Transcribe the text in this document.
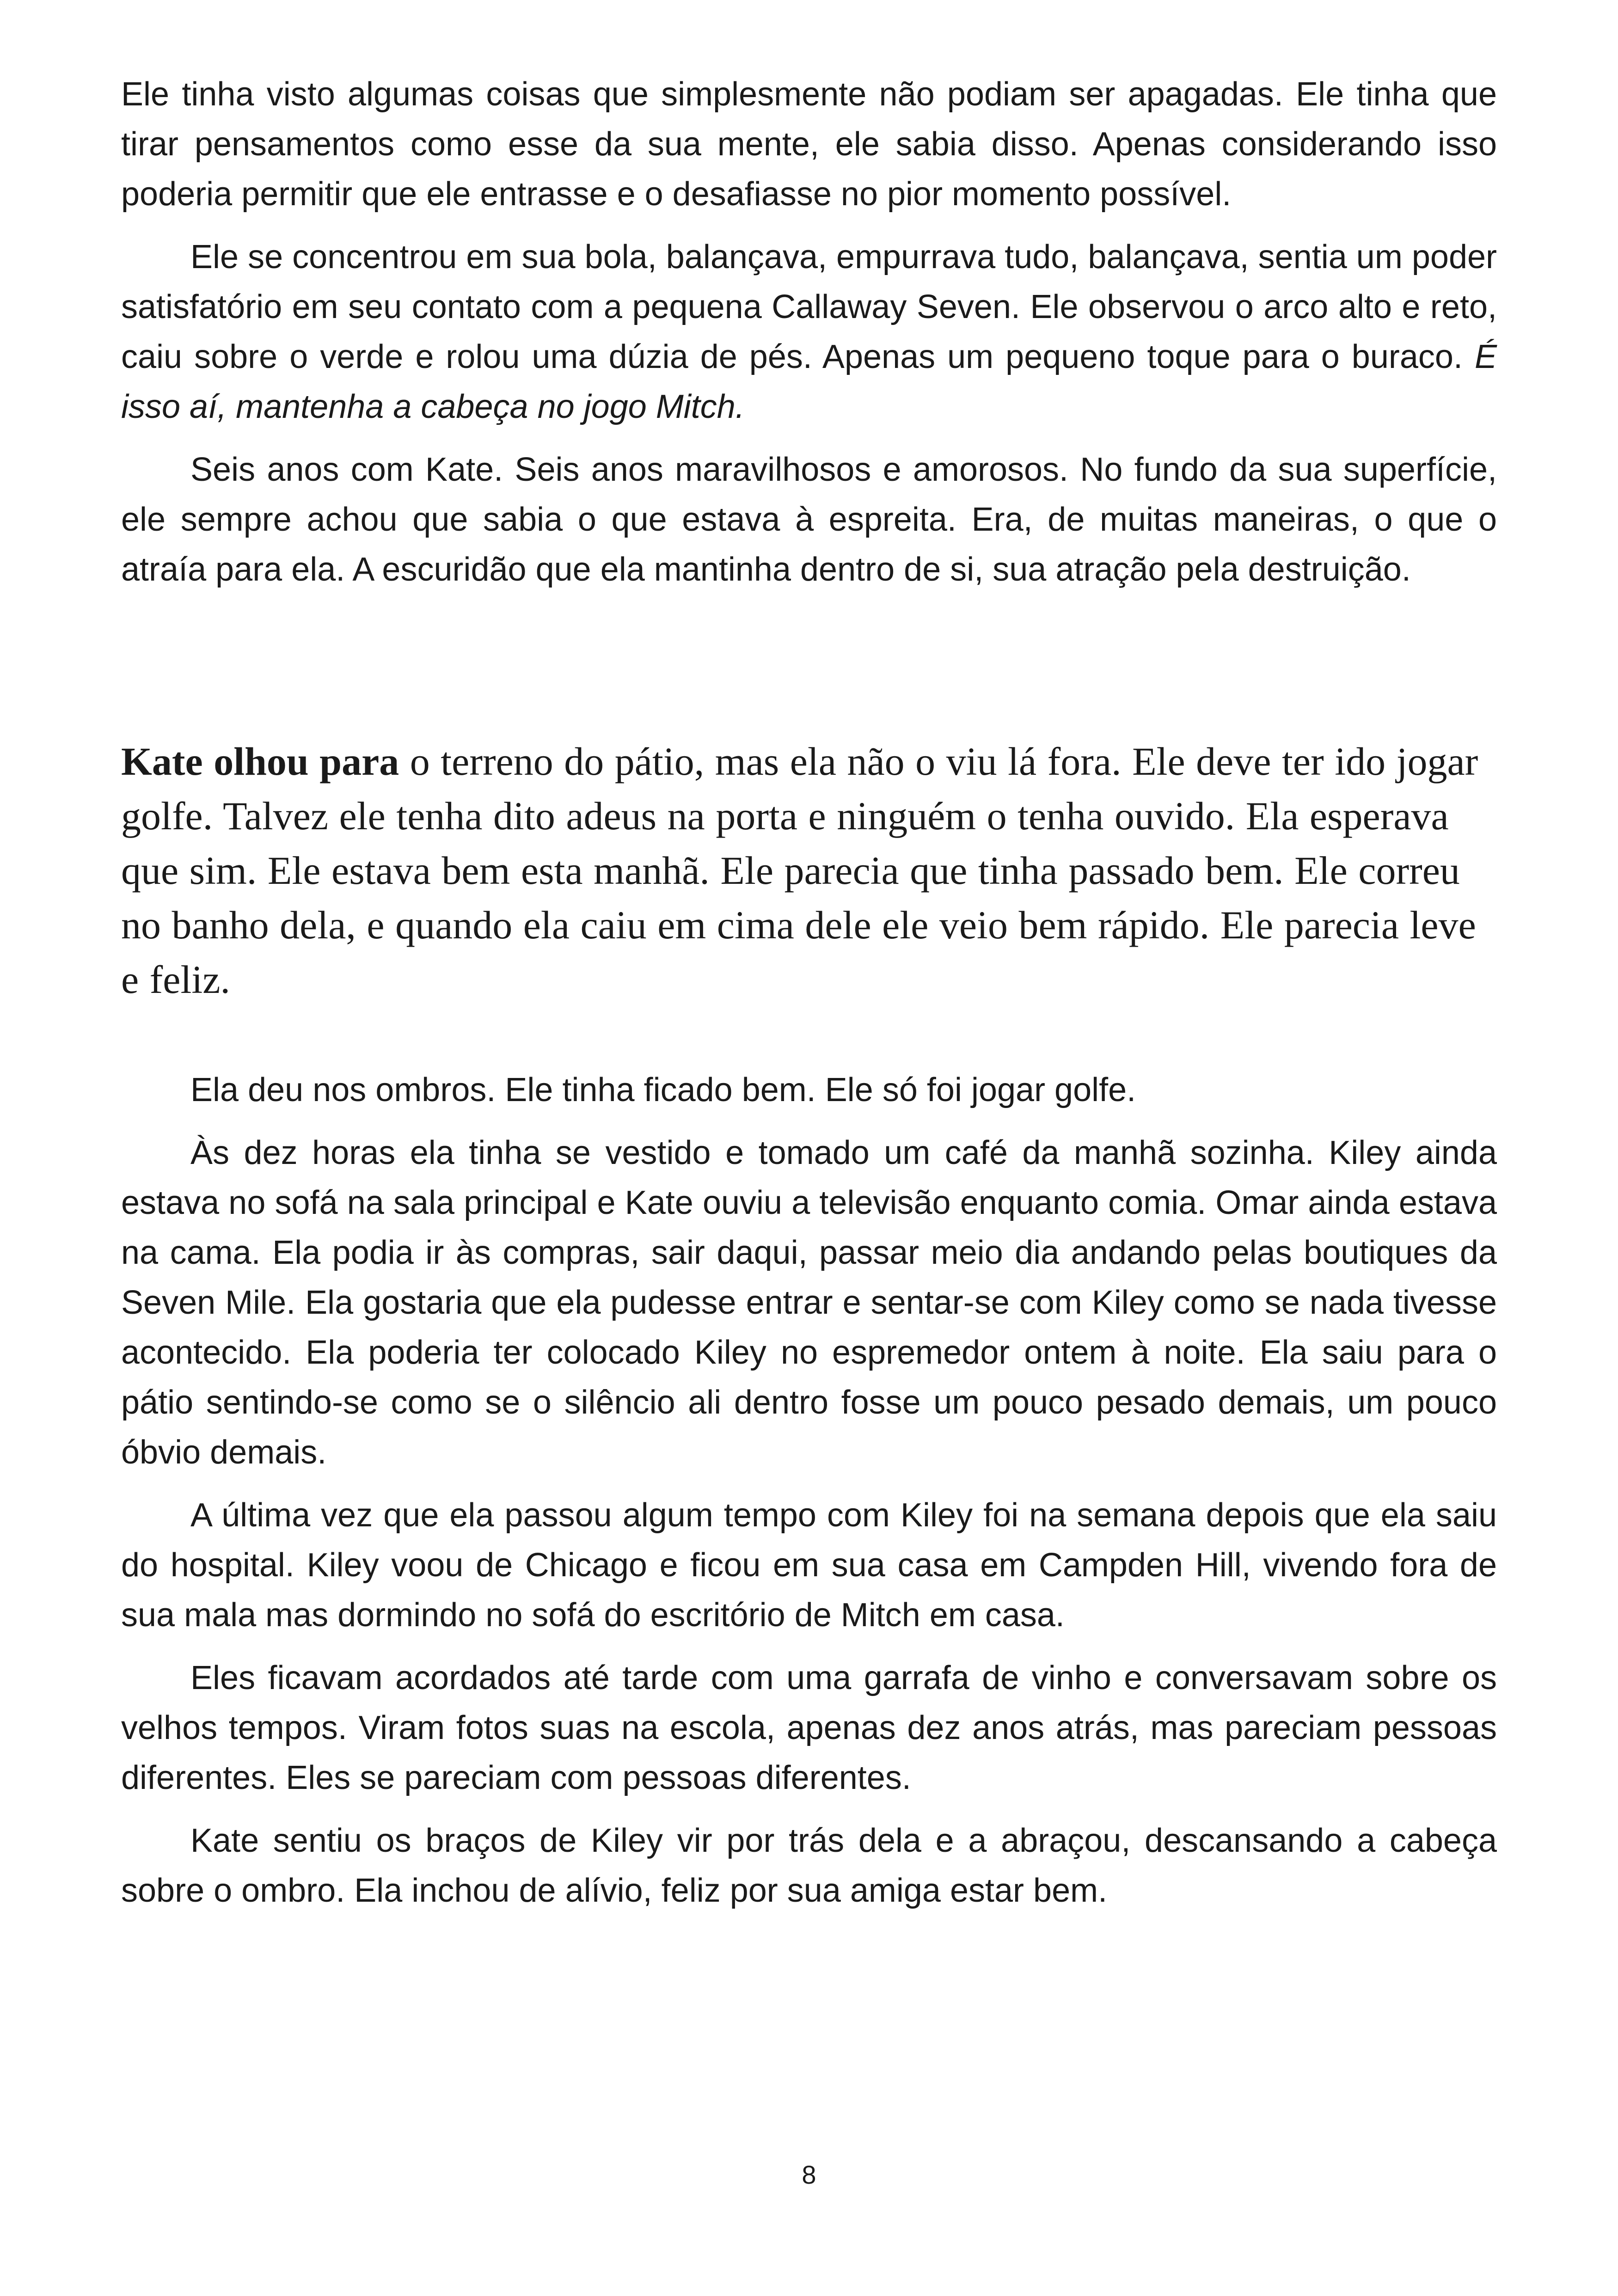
Ele tinha visto algumas coisas que simplesmente não podiam ser apagadas. Ele tinha que tirar pensamentos como esse da sua mente, ele sabia disso. Apenas considerando isso poderia permitir que ele entrasse e o desafiasse no pior momento possível.

Ele se concentrou em sua bola, balançava, empurrava tudo, balançava, sentia um poder satisfatório em seu contato com a pequena Callaway Seven. Ele observou o arco alto e reto, caiu sobre o verde e rolou uma dúzia de pés. Apenas um pequeno toque para o buraco. É isso aí, mantenha a cabeça no jogo Mitch.

Seis anos com Kate. Seis anos maravilhosos e amorosos. No fundo da sua superfície, ele sempre achou que sabia o que estava à espreita. Era, de muitas maneiras, o que o atraía para ela. A escuridão que ela mantinha dentro de si, sua atração pela destruição.

Kate olhou para o terreno do pátio, mas ela não o viu lá fora. Ele deve ter ido jogar golfe. Talvez ele tenha dito adeus na porta e ninguém o tenha ouvido. Ela esperava que sim. Ele estava bem esta manhã. Ele parecia que tinha passado bem. Ele correu no banho dela, e quando ela caiu em cima dele ele veio bem rápido. Ele parecia leve e feliz.

Ela deu nos ombros. Ele tinha ficado bem. Ele só foi jogar golfe.

Às dez horas ela tinha se vestido e tomado um café da manhã sozinha. Kiley ainda estava no sofá na sala principal e Kate ouviu a televisão enquanto comia. Omar ainda estava na cama. Ela podia ir às compras, sair daqui, passar meio dia andando pelas boutiques da Seven Mile. Ela gostaria que ela pudesse entrar e sentar-se com Kiley como se nada tivesse acontecido. Ela poderia ter colocado Kiley no espremedor ontem à noite. Ela saiu para o pátio sentindo-se como se o silêncio ali dentro fosse um pouco pesado demais, um pouco óbvio demais.

A última vez que ela passou algum tempo com Kiley foi na semana depois que ela saiu do hospital. Kiley voou de Chicago e ficou em sua casa em Campden Hill, vivendo fora de sua mala mas dormindo no sofá do escritório de Mitch em casa.

Eles ficavam acordados até tarde com uma garrafa de vinho e conversavam sobre os velhos tempos. Viram fotos suas na escola, apenas dez anos atrás, mas pareciam pessoas diferentes. Eles se pareciam com pessoas diferentes.

Kate sentiu os braços de Kiley vir por trás dela e a abraçou, descansando a cabeça sobre o ombro. Ela inchou de alívio, feliz por sua amiga estar bem.

8
